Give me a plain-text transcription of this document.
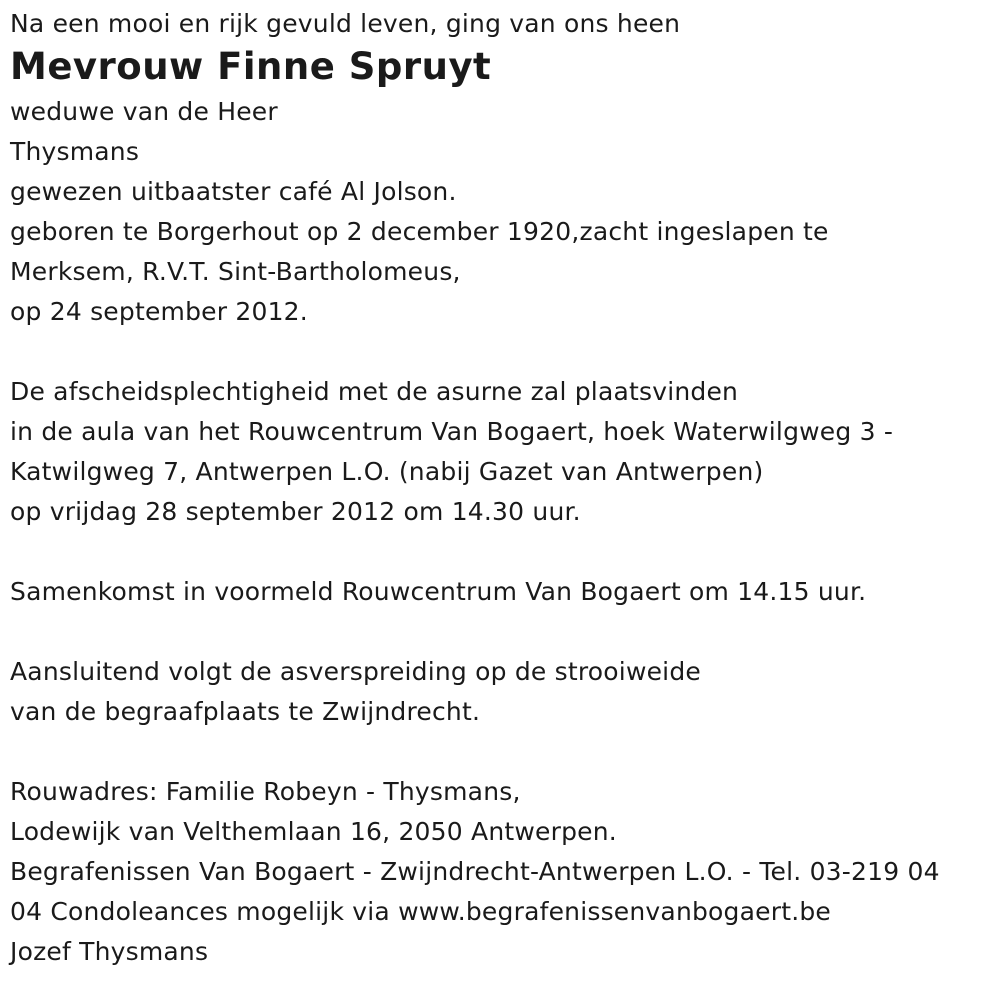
Na een mooi en rijk gevuld leven, ging van ons heen
Mevrouw Finne Spruyt
weduwe van de Heer
Thysmans
gewezen uitbaatster café Al Jolson.
geboren te Borgerhout op 2 december 1920,zacht ingeslapen te
Merksem, R.V.T. Sint-Bartholomeus,
op 24 september 2012.
De afscheidsplechtigheid met de asurne zal plaatsvinden
in de aula van het Rouwcentrum Van Bogaert, hoek Waterwilgweg 3 -
Katwilgweg 7, Antwerpen L.O. (nabij Gazet van Antwerpen)
op vrijdag 28 september 2012 om 14.30 uur.
Samenkomst in voormeld Rouwcentrum Van Bogaert om 14.15 uur.
Aansluitend volgt de asverspreiding op de strooiweide
van de begraafplaats te Zwijndrecht.
Rouwadres: Familie Robeyn - Thysmans,
Lodewijk van Velthemlaan 16, 2050 Antwerpen.
Begrafenissen Van Bogaert - Zwijndrecht-Antwerpen L.O. - Tel. 03-219 04
04 Condoleances mogelijk via www.begrafenissenvanbogaert.be
Jozef Thysmans
